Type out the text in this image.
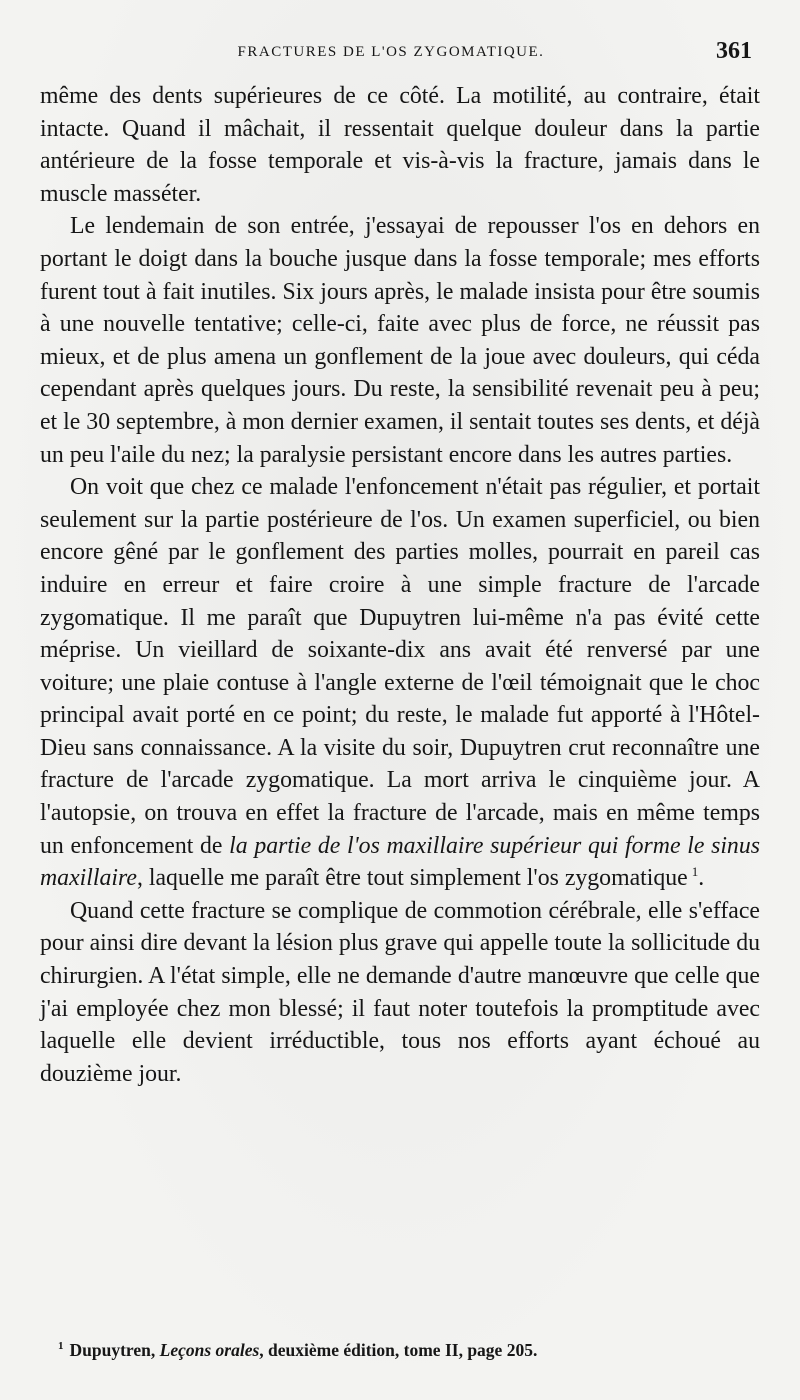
FRACTURES DE L'OS ZYGOMATIQUE.	361

même des dents supérieures de ce côté. La motilité, au contraire, était intacte. Quand il mâchait, il ressentait quelque douleur dans la partie antérieure de la fosse temporale et vis-à-vis la fracture, jamais dans le muscle masséter.

Le lendemain de son entrée, j'essayai de repousser l'os en dehors en portant le doigt dans la bouche jusque dans la fosse temporale; mes efforts furent tout à fait inutiles. Six jours après, le malade insista pour être soumis à une nouvelle tentative; celle-ci, faite avec plus de force, ne réussit pas mieux, et de plus amena un gonflement de la joue avec douleurs, qui céda cependant après quelques jours. Du reste, la sensibilité revenait peu à peu; et le 30 septembre, à mon dernier examen, il sentait toutes ses dents, et déjà un peu l'aile du nez; la paralysie persistant encore dans les autres parties.

On voit que chez ce malade l'enfoncement n'était pas régulier, et portait seulement sur la partie postérieure de l'os. Un examen superficiel, ou bien encore gêné par le gonflement des parties molles, pourrait en pareil cas induire en erreur et faire croire à une simple fracture de l'arcade zygomatique. Il me paraît que Dupuytren lui-même n'a pas évité cette méprise. Un vieillard de soixante-dix ans avait été renversé par une voiture; une plaie contuse à l'angle externe de l'œil témoignait que le choc principal avait porté en ce point; du reste, le malade fut apporté à l'Hôtel-Dieu sans connaissance. A la visite du soir, Dupuytren crut reconnaître une fracture de l'arcade zygomatique. La mort arriva le cinquième jour. A l'autopsie, on trouva en effet la fracture de l'arcade, mais en même temps un enfoncement de la partie de l'os maxillaire supérieur qui forme le sinus maxillaire, laquelle me paraît être tout simplement l'os zygomatique $^1$.

Quand cette fracture se complique de commotion cérébrale, elle s'efface pour ainsi dire devant la lésion plus grave qui appelle toute la sollicitude du chirurgien. A l'état simple, elle ne demande d'autre manœuvre que celle que j'ai employée chez mon blessé; il faut noter toutefois la promptitude avec laquelle elle devient irréductible, tous nos efforts ayant échoué au douzième jour.

$^1$ Dupuytren, Leçons orales, deuxième édition, tome II, page 205.
